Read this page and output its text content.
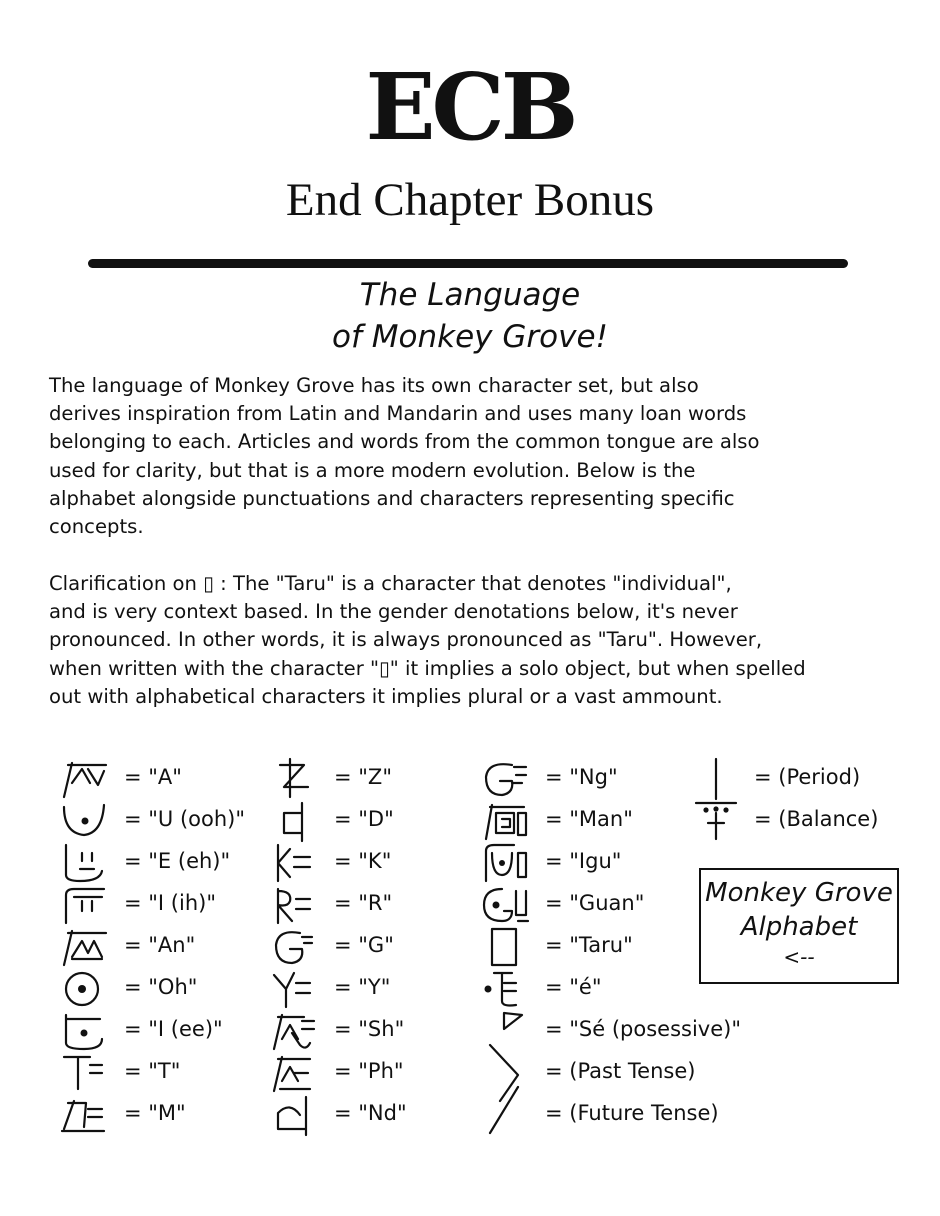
ECB
End Chapter Bonus
The Language
of Monkey Grove!
The language of Monkey Grove has its own character set, but also
derives inspiration from Latin and Mandarin and uses many loan words
belonging to each. Articles and words from the common tongue are also
used for clarity, but that is a more modern evolution. Below is the
alphabet alongside punctuations and characters representing specific
concepts.
Clarification on ▯ : The "Taru" is a character that denotes "individual",
and is very context based. In the gender denotations below, it's never
pronounced. In other words, it is always pronounced as "Taru". However,
when written with the character "▯" it implies a solo object, but when spelled
out with alphabetical characters it implies plural or a vast ammount.
= "A"
= "U (ooh)"
= "E (eh)"
= "I (ih)"
= "An"
= "Oh"
= "I (ee)"
= "T"
= "M"
= "Z"
= "D"
= "K"
= "R"
= "G"
= "Y"
= "Sh"
= "Ph"
= "Nd"
= "Ng"
= "Man"
= "Igu"
= "Guan"
= "Taru"
= "é"
= "Sé (posessive)"
= (Past Tense)
= (Future Tense)
= (Period)
= (Balance)
Monkey Grove
Alphabet
<--
